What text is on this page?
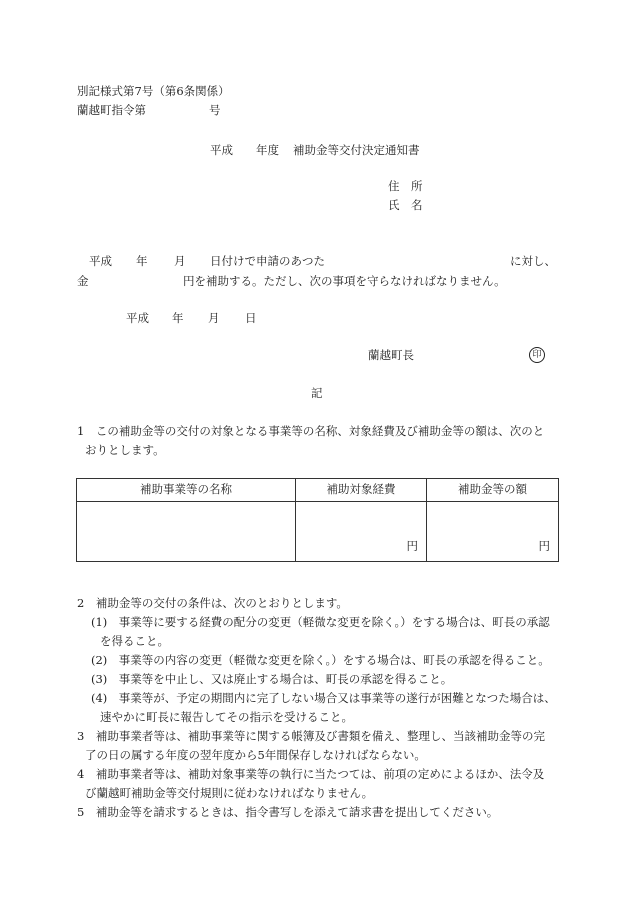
別記様式第7号（第6条関係）
蘭越町指令第	号
平成 年度 補助金等交付決定通知書
住　所
氏　名
平成 年 月 日付けで申請のあつた	に対し、
金	円を補助する。ただし、次の事項を守らなければなりません。
平成 年 月 日
蘭越町長	印
記
1　この補助金等の交付の対象となる事業等の名称、対象経費及び補助金等の額は、次のと
おりとします。
補助事業等の名称	補助対象経費	補助金等の額
	円	円
2　補助金等の交付の条件は、次のとおりとします。
(1)　事業等に要する経費の配分の変更（軽微な変更を除く。）をする場合は、町長の承認
を得ること。
(2)　事業等の内容の変更（軽微な変更を除く。）をする場合は、町長の承認を得ること。
(3)　事業等を中止し、又は廃止する場合は、町長の承認を得ること。
(4)　事業等が、予定の期間内に完了しない場合又は事業等の遂行が困難となつた場合は、
速やかに町長に報告してその指示を受けること。
3　補助事業者等は、補助事業等に関する帳簿及び書類を備え、整理し、当該補助金等の完
了の日の属する年度の翌年度から5年間保存しなければならない。
4　補助事業者等は、補助対象事業等の執行に当たつては、前項の定めによるほか、法令及
び蘭越町補助金等交付規則に従わなければなりません。
5　補助金等を請求するときは、指令書写しを添えて請求書を提出してください。
